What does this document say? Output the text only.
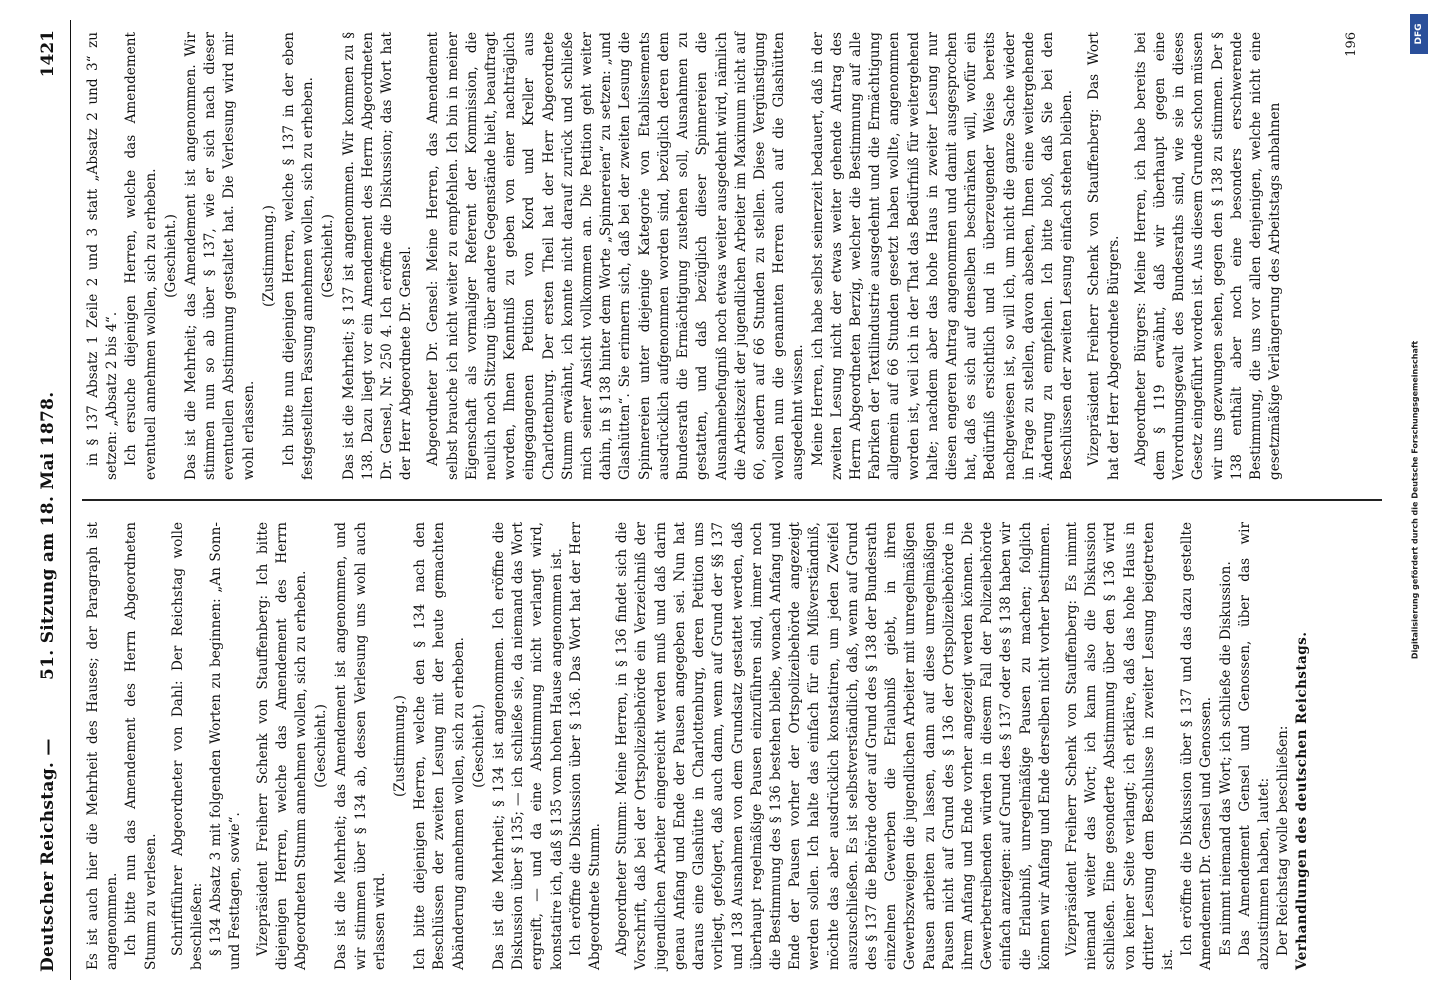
Deutscher Reichstag. —
51. Sitzung am 18. Mai 1878.
1421

Es ist auch hier die Mehrheit des Hauses; der Paragraph ist angenommen. Ich bitte nun das Amendement des Herrn Abgeordneten Stumm zu verlesen. Schriftführer Abgeordneter von Dahl: Der Reichstag wolle beschließen: § 134 Absatz 3 mit folgenden Worten zu beginnen: „An Sonn- und Festtagen, sowie“. Vizepräsident Freiherr Schenk von Stauffenberg: Ich bitte diejenigen Herren, welche das Amendement des Herrn Abgeordneten Stumm annehmen wollen, sich zu erheben. (Geschieht.) Das ist die Mehrheit; das Amendement ist angenommen, und wir stimmen über § 134 ab, dessen Verlesung uns wohl auch erlassen wird.

(Zustimmung.) Ich bitte diejenigen Herren, welche den § 134 nach den Beschlüssen der zweiten Lesung mit der heute gemachten Abänderung annehmen wollen, sich zu erheben. (Geschieht.) Das ist die Mehrheit; § 134 ist angenommen. Ich eröffne die Diskussion über § 135; — ich schließe sie, da niemand das Wort ergreift, — und da eine Abstimmung nicht verlangt wird, konstatire ich, daß § 135 vom hohen Hause angenommen ist. Ich eröffne die Diskussion über § 136. Das Wort hat der Herr Abgeordnete Stumm. Abgeordneter Stumm: Meine Herren, in § 136 findet sich die Vorschrift, daß bei der Ortspolizeibehörde ein Verzeichniß der jugendlichen Arbeiter eingereicht werden muß und daß darin genau Anfang und Ende der Pausen angegeben sei. Nun hat daraus eine Glashütte in Charlottenburg, deren Petition uns vorliegt, gefolgert, daß auch dann, wenn auf Grund der §§ 137 und 138 Ausnahmen von dem Grundsatz gestattet werden, daß überhaupt regelmäßige Pausen einzuführen sind, immer noch die Bestimmung des § 136 bestehen bleibe, wonach Anfang und Ende der Pausen vorher der Ortspolizeibehörde angezeigt werden sollen. Ich halte das einfach für ein Mißverständniß, möchte das aber ausdrücklich konstatiren, um jeden Zweifel auszuschließen. Es ist selbstverständlich, daß, wenn auf Grund des § 137 die Behörde oder auf Grund des § 138 der Bundesrath einzelnen Gewerben die Erlaubniß giebt, in ihren Gewerbszweigen die jugendlichen Arbeiter mit unregelmäßigen Pausen arbeiten zu lassen, dann auf diese unregelmäßigen Pausen nicht auf Grund des § 136 der Ortspolizeibehörde in ihrem Anfang und Ende vorher angezeigt werden können. Die Gewerbetreibenden würden in diesem Fall der Polizeibehörde einfach anzeigen: auf Grund des § 137 oder des § 138 haben wir die Erlaubniß, unregelmäßige Pausen zu machen; folglich können wir Anfang und Ende derselben nicht vorher bestimmen. Vizepräsident Freiherr Schenk von Stauffenberg: Es nimmt niemand weiter das Wort; ich kann also die Diskussion schließen. Eine gesonderte Abstimmung über den § 136 wird von keiner Seite verlangt; ich erkläre, daß das hohe Haus in dritter Lesung dem Beschlusse in zweiter Lesung beigetreten ist.

Ich eröffne die Diskussion über § 137 und das dazu gestellte Amendement Dr. Gensel und Genossen. Es nimmt niemand das Wort; ich schließe die Diskussion. Das Amendement Gensel und Genossen, über das wir abzustimmen haben, lautet: Der Reichstag wolle beschließen: Verhandlungen des deutschen Reichstags.

in § 137 Absatz 1 Zeile 2 und 3 statt „Absatz 2 und 3“ zu setzen: „Absatz 2 bis 4“. Ich ersuche diejenigen Herren, welche das Amendement eventuell annehmen wollen, sich zu erheben. (Geschieht.) Das ist die Mehrheit; das Amendement ist angenommen. Wir stimmen nun so ab über § 137, wie er sich nach dieser eventuellen Abstimmung gestaltet hat. Die Verlesung wird mir wohl erlassen.

(Zustimmung.) Ich bitte nun diejenigen Herren, welche § 137 in der eben festgestellten Fassung annehmen wollen, sich zu erheben. (Geschieht.) Das ist die Mehrheit; § 137 ist angenommen. Wir kommen zu § 138. Dazu liegt vor ein Amendement des Herrn Abgeordneten Dr. Gensel, Nr. 250 4. Ich eröffne die Diskussion; das Wort hat der Herr Abgeordnete Dr. Gensel. Abgeordneter Dr. Gensel: Meine Herren, das Amendement selbst brauche ich nicht weiter zu empfehlen. Ich bin in meiner Eigenschaft als vormaliger Referent der Kommission, die neulich noch Sitzung über andere Gegenstände hielt, beauftragt worden, Ihnen Kenntniß zu geben von einer nachträglich eingegangenen Petition von Kord und Kreller aus Charlottenburg. Der ersten Theil hat der Herr Abgeordnete Stumm erwähnt, ich konnte nicht darauf zurück und schließe mich seiner Ansicht vollkommen an. Die Petition geht weiter dahin, in § 138 hinter dem Worte „Spinnereien“ zu setzen: „und Glashütten“. Sie erinnern sich, daß bei der zweiten Lesung die Spinnereien unter diejenige Kategorie von Etablissements ausdrücklich aufgenommen worden sind, bezüglich deren dem Bundesrath die Ermächtigung zustehen soll, Ausnahmen zu gestatten, und daß bezüglich dieser Spinnereien die Ausnahmebefugniß noch etwas weiter ausgedehnt wird, nämlich die Arbeitszeit der jugendlichen Arbeiter im Maximum nicht auf 60, sondern auf 66 Stunden zu stellen. Diese Vergünstigung wollen nun die genannten Herren auch auf die Glashütten ausgedehnt wissen. Meine Herren, ich habe selbst seinerzeit bedauert, daß in der zweiten Lesung nicht der etwas weiter gehende Antrag des Herrn Abgeordneten Berzig, welcher die Bestimmung auf alle Fabriken der Textilindustrie ausgedehnt und die Ermächtigung allgemein auf 66 Stunden gesetzt haben wollte, angenommen worden ist, weil ich in der That das Bedürfniß für weitergehend halte; nachdem aber das hohe Haus in zweiter Lesung nur diesen engeren Antrag angenommen und damit ausgesprochen hat, daß es sich auf denselben beschränken will, wofür ein Bedürfniß ersichtlich und in überzeugender Weise bereits nachgewiesen ist, so will ich, um nicht die ganze Sache wieder in Frage zu stellen, davon absehen, Ihnen eine weitergehende Änderung zu empfehlen. Ich bitte bloß, daß Sie bei den Beschlüssen der zweiten Lesung einfach stehen bleiben. Vizepräsident Freiherr Schenk von Stauffenberg: Das Wort hat der Herr Abgeordnete Bürgers. Abgeordneter Bürgers: Meine Herren, ich habe bereits bei dem § 119 erwähnt, daß wir überhaupt gegen eine Verordnungsgewalt des Bundesraths sind, wie sie in dieses Gesetz eingeführt worden ist. Aus diesem Grunde schon müssen wir uns gezwungen sehen, gegen den § 138 zu stimmen. Der § 138 enthält aber noch eine besonders erschwerende Bestimmung, die uns vor allen denjenigen, welche nicht eine gesetzmäßige Verlängerung des Arbeitstags anbahnen

196
Digitalisierung gefördert durch die Deutsche Forschungsgemeinschaft
DFG
